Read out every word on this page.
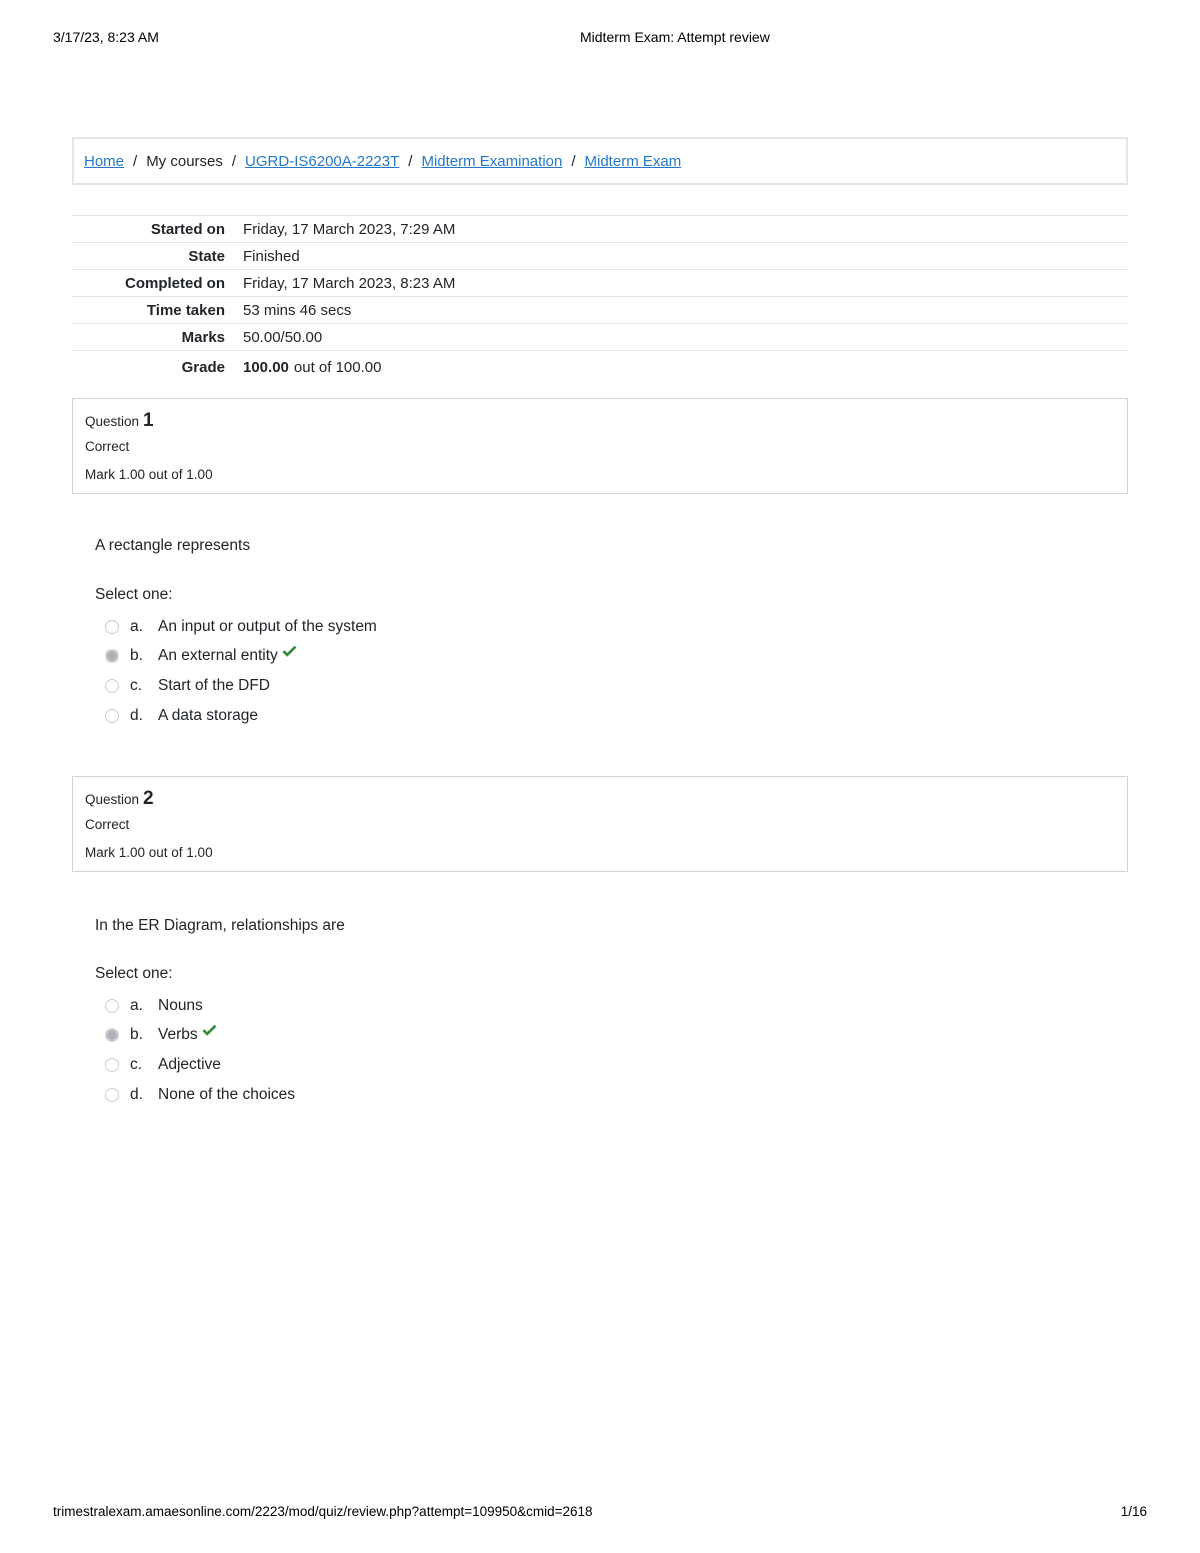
3/17/23, 8:23 AM	Midterm Exam: Attempt review
Home / My courses / UGRD-IS6200A-2223T / Midterm Examination / Midterm Exam
Started on Friday, 17 March 2023, 7:29 AM
State Finished
Completed on Friday, 17 March 2023, 8:23 AM
Time taken 53 mins 46 secs
Marks 50.00/50.00
Grade 100.00 out of 100.00
Question 1
Correct
Mark 1.00 out of 1.00
A rectangle represents
Select one:
a. An input or output of the system
b. An external entity
c.	Start of the DFD
d. A data storage
Question 2
Correct
Mark 1.00 out of 1.00
In the ER Diagram, relationships are
Select one:
a. Nouns
b. Verbs
c.	Adjective
d. None of the choices
trimestralexam.amaesonline.com/2223/mod/quiz/review.php?attempt=109950&cmid=2618	1/16
